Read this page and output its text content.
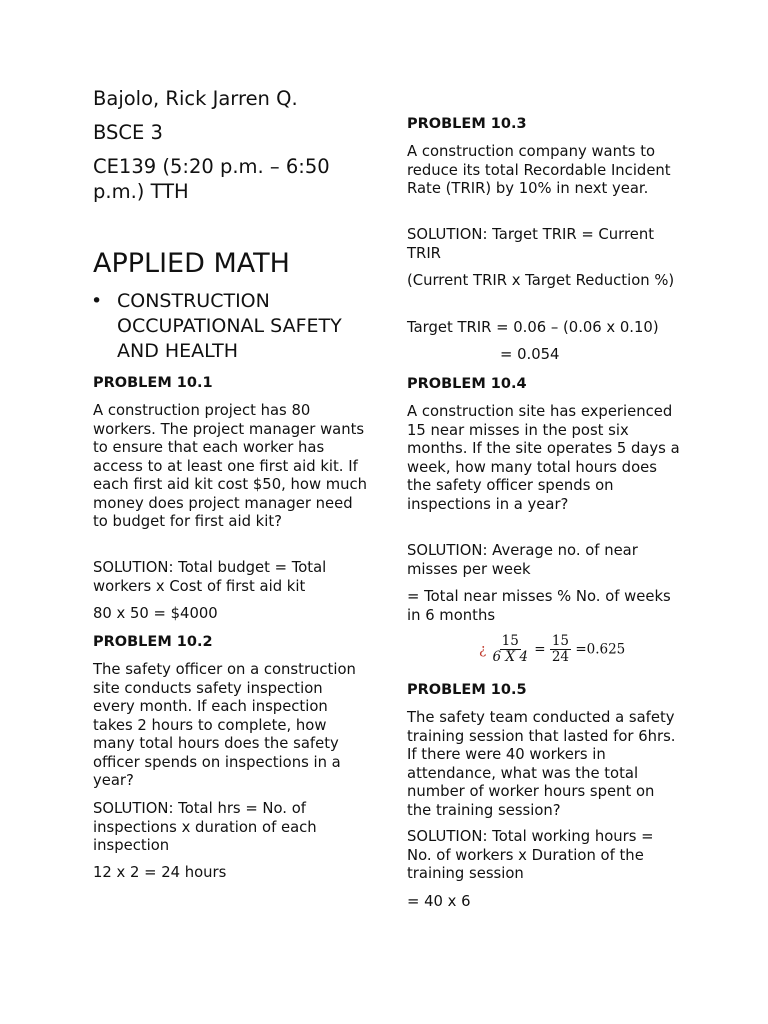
Bajolo, Rick Jarren Q.

BSCE 3

CE139 (5:20 p.m. – 6:50 p.m.) TTH

APPLIED MATH

• CONSTRUCTION OCCUPATIONAL SAFETY AND HEALTH

PROBLEM 10.1

A construction project has 80 workers. The project manager wants to ensure that each worker has access to at least one first aid kit. If each first aid kit cost $50, how much money does project manager need to budget for first aid kit?

SOLUTION: Total budget = Total workers x Cost of first aid kit

80 x 50 = $4000

PROBLEM 10.2

The safety officer on a construction site conducts safety inspection every month. If each inspection takes 2 hours to complete, how many total hours does the safety officer spends on inspections in a year?

SOLUTION: Total hrs = No. of inspections x duration of each inspection

12 x 2 = 24 hours

PROBLEM 10.3

A construction company wants to reduce its total Recordable Incident Rate (TRIR) by 10% in next year.

SOLUTION: Target TRIR = Current TRIR

(Current TRIR x Target Reduction %)

Target TRIR = 0.06 – (0.06 x 0.10)

= 0.054

PROBLEM 10.4

A construction site has experienced 15 near misses in the post six months. If the site operates 5 days a week, how many total hours does the safety officer spends on inspections in a year?

SOLUTION: Average no. of near misses per week

= Total near misses % No. of weeks in 6 months

¿ $\frac{15}{6 X 4} = \frac{15}{24} =0.625$

PROBLEM 10.5

The safety team conducted a safety training session that lasted for 6hrs. If there were 40 workers in attendance, what was the total number of worker hours spent on the training session?

SOLUTION: Total working hours = No. of workers x Duration of the training session

= 40 x 6
